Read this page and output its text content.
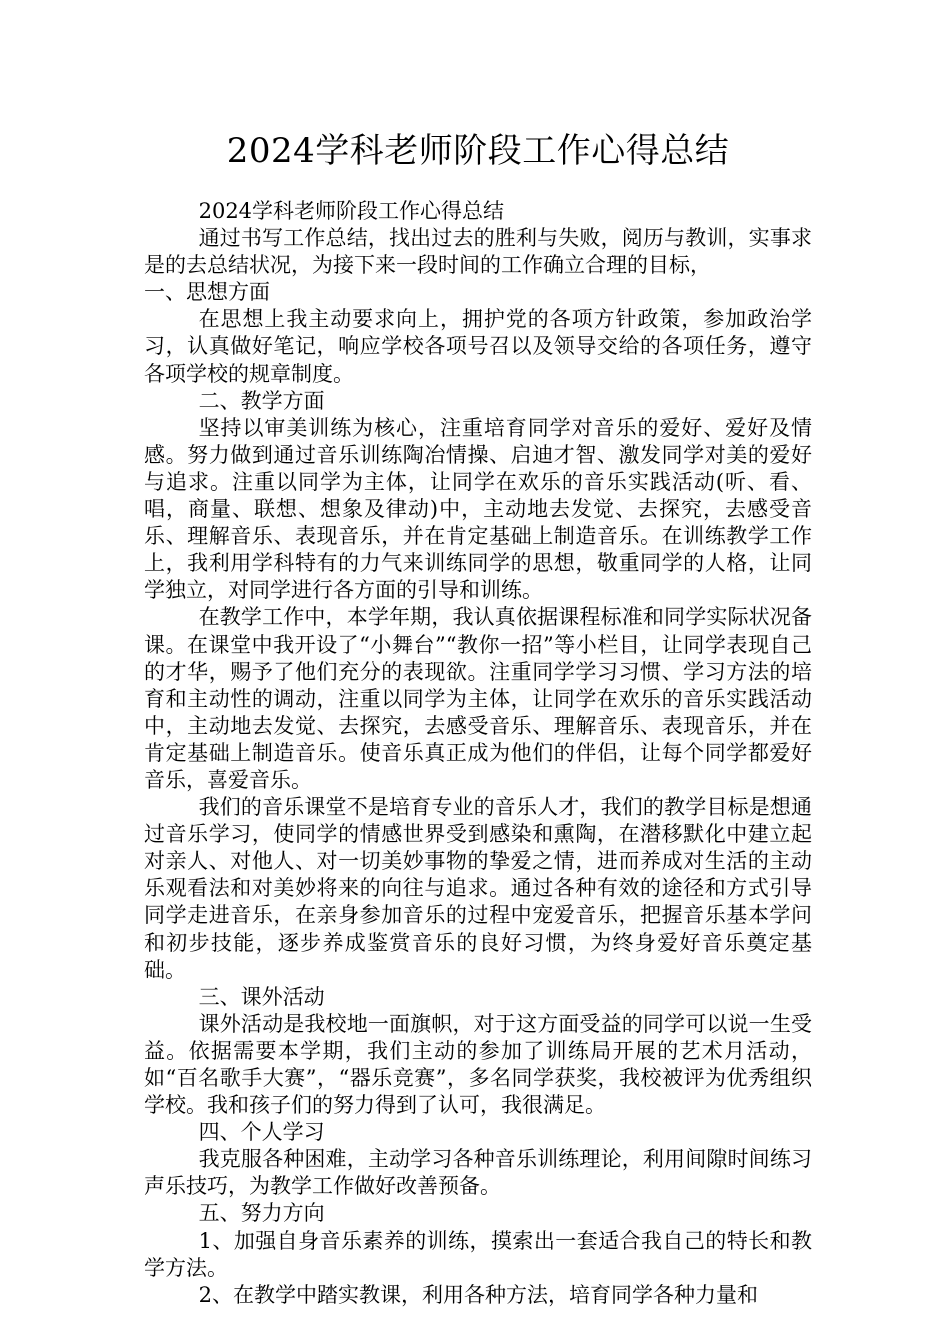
2024学科老师阶段工作心得总结

2024学科老师阶段工作心得总结

通过书写工作总结，找出过去的胜利与失败，阅历与教训，实事求是的去总结状况，为接下来一段时间的工作确立合理的目标，

一、思想方面

在思想上我主动要求向上，拥护党的各项方针政策，参加政治学习，认真做好笔记，响应学校各项号召以及领导交给的各项任务，遵守各项学校的规章制度。

二、教学方面

坚持以审美训练为核心，注重培育同学对音乐的爱好、爱好及情感。努力做到通过音乐训练陶冶情操、启迪才智、激发同学对美的爱好与追求。注重以同学为主体，让同学在欢乐的音乐实践活动(听、看、唱，商量、联想、想象及律动)中，主动地去发觉、去探究，去感受音乐、理解音乐、表现音乐，并在肯定基础上制造音乐。在训练教学工作上，我利用学科特有的力气来训练同学的思想，敬重同学的人格，让同学独立，对同学进行各方面的引导和训练。

在教学工作中，本学年期，我认真依据课程标准和同学实际状况备课。在课堂中我开设了“小舞台”“教你一招”等小栏目，让同学表现自己的才华，赐予了他们充分的表现欲。注重同学学习习惯、学习方法的培育和主动性的调动，注重以同学为主体，让同学在欢乐的音乐实践活动中，主动地去发觉、去探究，去感受音乐、理解音乐、表现音乐，并在肯定基础上制造音乐。使音乐真正成为他们的伴侣，让每个同学都爱好音乐，喜爱音乐。

我们的音乐课堂不是培育专业的音乐人才，我们的教学目标是想通过音乐学习，使同学的情感世界受到感染和熏陶，在潜移默化中建立起对亲人、对他人、对一切美妙事物的挚爱之情，进而养成对生活的主动乐观看法和对美妙将来的向往与追求。通过各种有效的途径和方式引导同学走进音乐，在亲身参加音乐的过程中宠爱音乐，把握音乐基本学问和初步技能，逐步养成鉴赏音乐的良好习惯，为终身爱好音乐奠定基础。

三、课外活动

课外活动是我校地一面旗帜，对于这方面受益的同学可以说一生受益。依据需要本学期，我们主动的参加了训练局开展的艺术月活动，如“百名歌手大赛”，“器乐竞赛”，多名同学获奖，我校被评为优秀组织学校。我和孩子们的努力得到了认可，我很满足。

四、个人学习

我克服各种困难，主动学习各种音乐训练理论，利用间隙时间练习声乐技巧，为教学工作做好改善预备。

五、努力方向

1、加强自身音乐素养的训练，摸索出一套适合我自己的特长和教学方法。

2、在教学中踏实教课，利用各种方法，培育同学各种力量和
